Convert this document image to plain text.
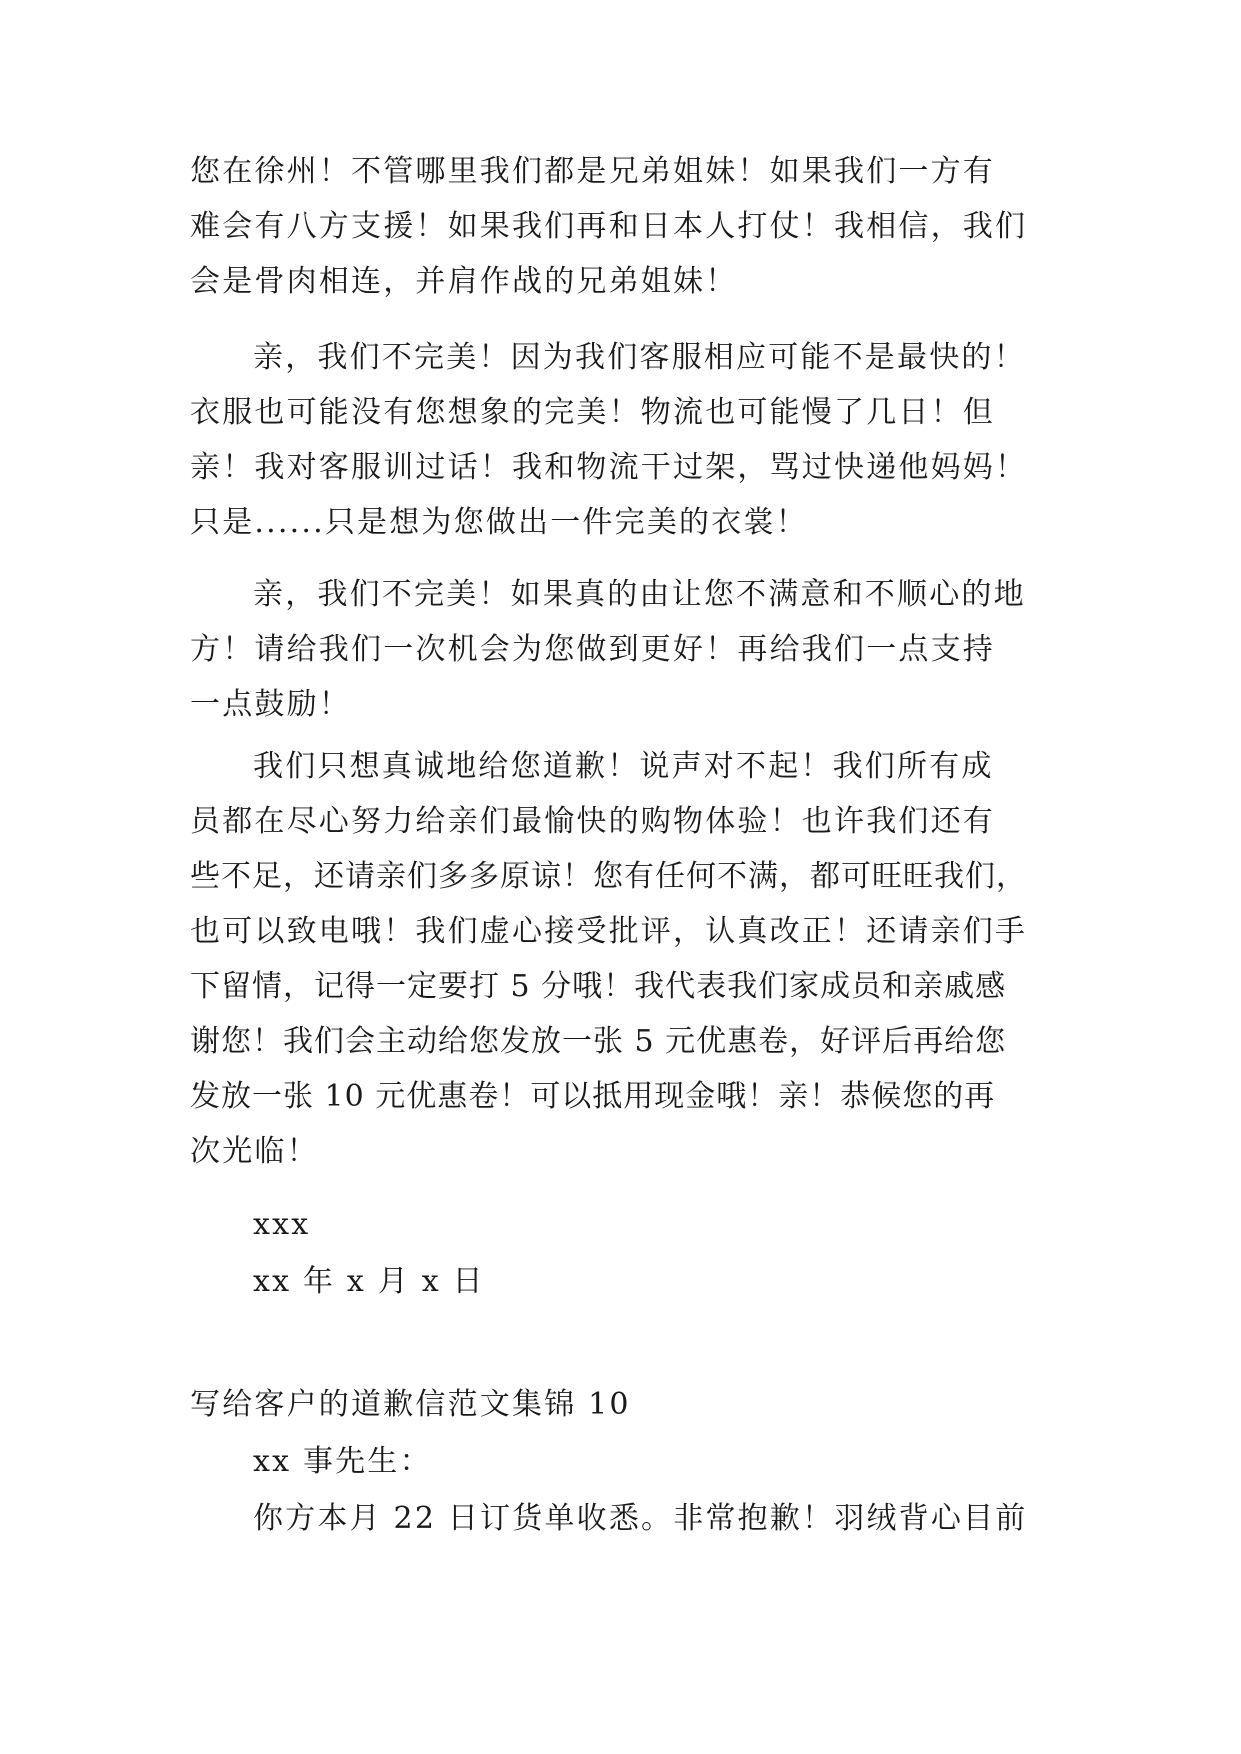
您在徐州！不管哪里我们都是兄弟姐妹！如果我们一方有
难会有八方支援！如果我们再和日本人打仗！我相信，我们
会是骨肉相连，并肩作战的兄弟姐妹！
亲，我们不完美！因为我们客服相应可能不是最快的！
衣服也可能没有您想象的完美！物流也可能慢了几日！但
亲！我对客服训过话！我和物流干过架，骂过快递他妈妈！
只是......只是想为您做出一件完美的衣裳！
亲，我们不完美！如果真的由让您不满意和不顺心的地
方！请给我们一次机会为您做到更好！再给我们一点支持
一点鼓励！
我们只想真诚地给您道歉！说声对不起！我们所有成
员都在尽心努力给亲们最愉快的购物体验！也许我们还有
些不足，还请亲们多多原谅！您有任何不满，都可旺旺我们，
也可以致电哦！我们虚心接受批评，认真改正！还请亲们手
下留情，记得一定要打 5 分哦！我代表我们家成员和亲戚感
谢您！我们会主动给您发放一张 5 元优惠卷，好评后再给您
发放一张 10 元优惠卷！可以抵用现金哦！亲！恭候您的再
次光临！
xxx
xx 年 x 月 x 日
写给客户的道歉信范文集锦 10
xx 事先生：
你方本月 22 日订货单收悉。非常抱歉！羽绒背心目前
